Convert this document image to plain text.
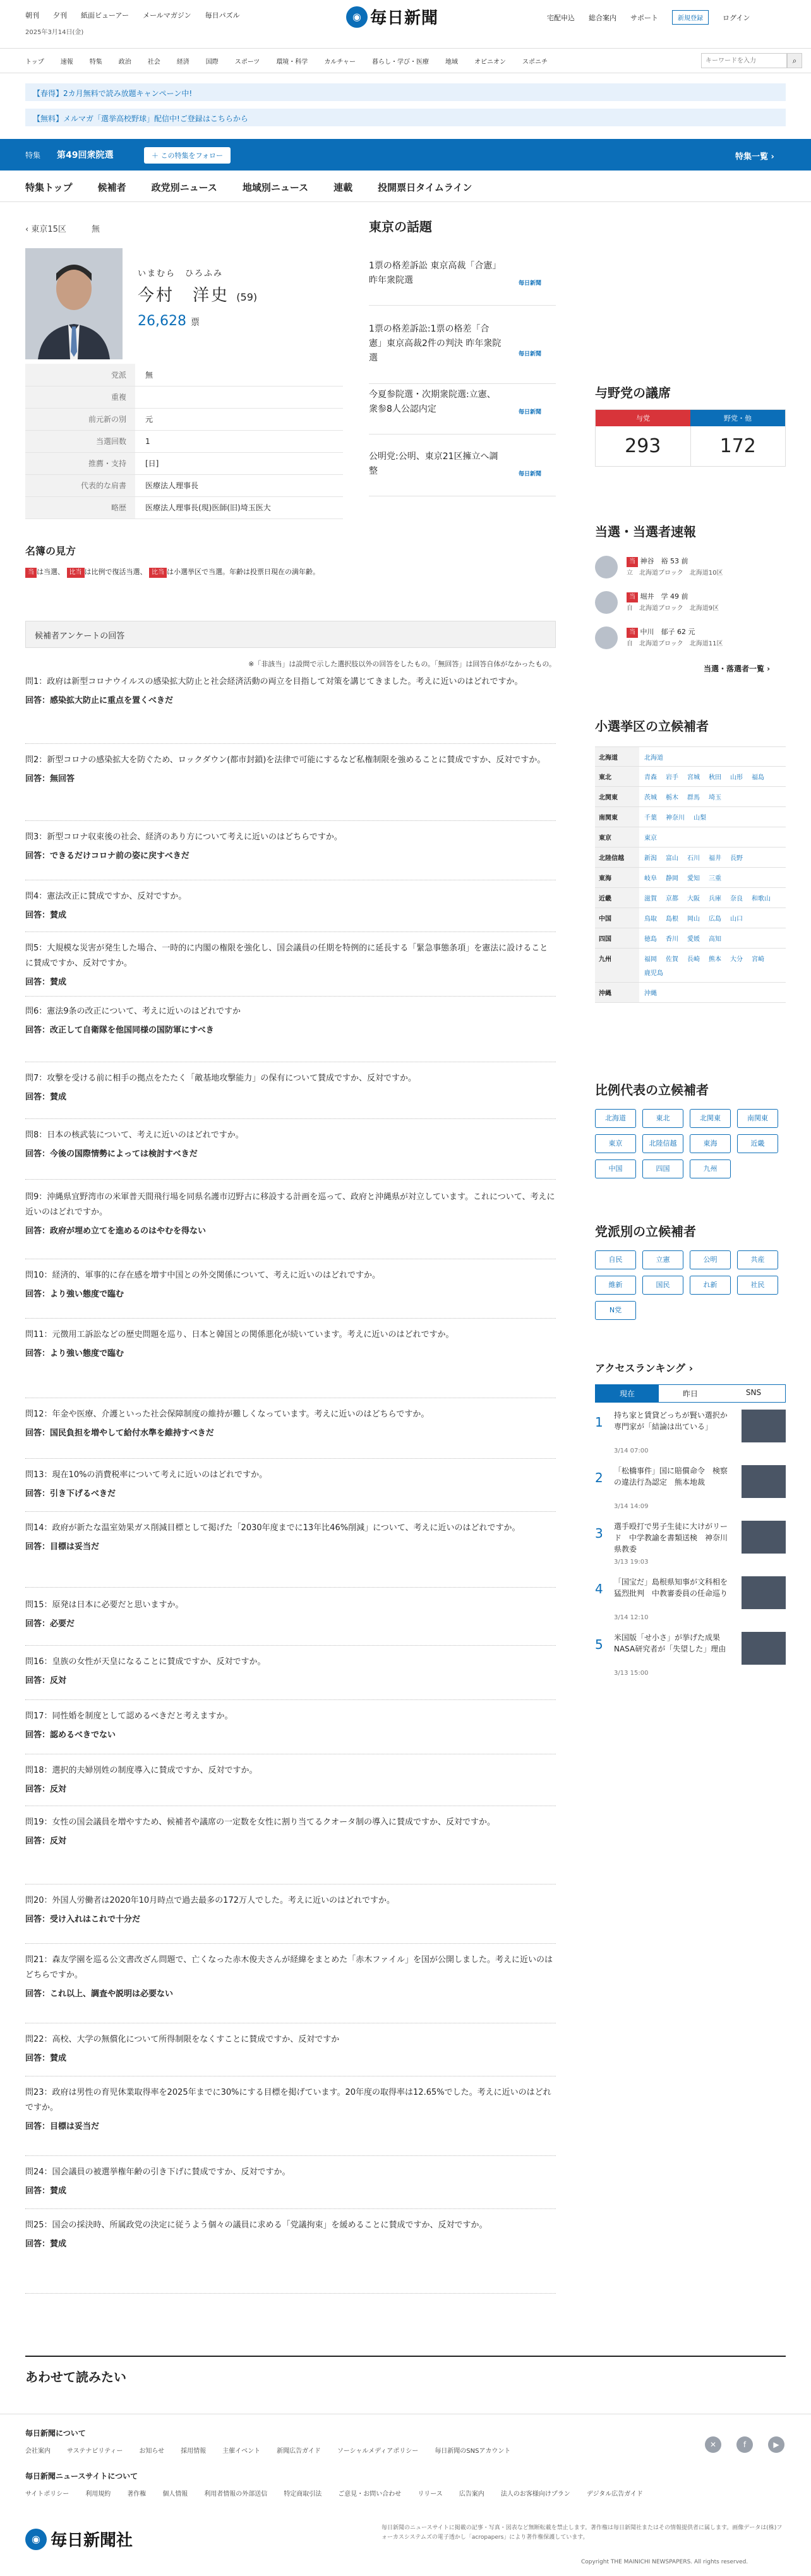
朝刊 夕刊 紙面ビューアー メールマガジン 毎日パズル
2025年3月14日(金)
◉ 毎日新聞	宅配申込 総合案内 サポート	新規登録	ログイン
トップ	速報	特集	政治	社会	経済	国際	スポーツ	環境・科学	カルチャー	暮らし・学び・医療	地域	オピニオン	スポニチ
キーワードを入力	⌕
【春得】2カ月無料で読み放題キャンペーン中!
【無料】メルマガ「選挙高校野球」配信中!ご登録はこちらから
特集 第49回衆院選	＋ この特集をフォロー	特集一覧 ›
特集トップ	候補者	政党別ニュース	地域別ニュース	連載	投開票日タイムライン
‹ 東京15区	無
いまむら　ひろふみ
今村　洋史 (59)
26,628 票
党派	無
重複	
前元新の別	元
当選回数	1
推薦・支持	[日]
代表的な肩書	医療法人理事長
略歴	医療法人理事長(現)医師(旧)埼玉医大
名簿の見方
当 は当選、 比当 は比例で復活当選、 比当 は小選挙区で当選。年齢は投票日現在の満年齢。
候補者アンケートの回答
※「非該当」は設問で示した選択肢以外の回答をしたもの。「無回答」は回答自体がなかったもの。
問1：政府は新型コロナウイルスの感染拡大防止と社会経済活動の両立を目指して対策を講じてきました。考えに近いのはどれですか。
回答：感染拡大防止に重点を置くべきだ
問2：新型コロナの感染拡大を防ぐため、ロックダウン(都市封鎖)を法律で可能にするなど私権制限を強めることに賛成ですか、反対ですか。
回答：無回答
問3：新型コロナ収束後の社会、経済のあり方について考えに近いのはどちらですか。
回答：できるだけコロナ前の姿に戻すべきだ
問4：憲法改正に賛成ですか、反対ですか。
回答：賛成
問5：大規模な災害が発生した場合、一時的に内閣の権限を強化し、国会議員の任期を特例的に延長する「緊急事態条項」を憲法に設けることに賛成ですか、反対ですか。
回答：賛成
問6：憲法9条の改正について、考えに近いのはどれですか
回答：改正して自衛隊を他国同様の国防軍にすべき
問7：攻撃を受ける前に相手の拠点をたたく「敵基地攻撃能力」の保有について賛成ですか、反対ですか。
回答：賛成
問8：日本の核武装について、考えに近いのはどれですか。
回答：今後の国際情勢によっては検討すべきだ
問9：沖縄県宜野湾市の米軍普天間飛行場を同県名護市辺野古に移設する計画を巡って、政府と沖縄県が対立しています。これについて、考えに近いのはどれですか。
回答：政府が埋め立てを進めるのはやむを得ない
問10：経済的、軍事的に存在感を増す中国との外交関係について、考えに近いのはどれですか。
回答：より強い態度で臨む
問11：元徴用工訴訟などの歴史問題を巡り、日本と韓国との関係悪化が続いています。考えに近いのはどれですか。
回答：より強い態度で臨む
問12：年金や医療、介護といった社会保障制度の維持が難しくなっています。考えに近いのはどちらですか。
回答：国民負担を増やして給付水準を維持すべきだ
問13：現在10%の消費税率について考えに近いのはどれですか。
回答：引き下げるべきだ
問14：政府が新たな温室効果ガス削減目標として掲げた「2030年度までに13年比46%削減」について、考えに近いのはどれですか。
回答：目標は妥当だ
問15：原発は日本に必要だと思いますか。
回答：必要だ
問16：皇族の女性が天皇になることに賛成ですか、反対ですか。
回答：反対
問17：同性婚を制度として認めるべきだと考えますか。
回答：認めるべきでない
問18：選択的夫婦別姓の制度導入に賛成ですか、反対ですか。
回答：反対
問19：女性の国会議員を増やすため、候補者や議席の一定数を女性に割り当てるクオータ制の導入に賛成ですか、反対ですか。
回答：反対
問20：外国人労働者は2020年10月時点で過去最多の172万人でした。考えに近いのはどれですか。
回答：受け入れはこれで十分だ
問21：森友学園を巡る公文書改ざん問題で、亡くなった赤木俊夫さんが経緯をまとめた「赤木ファイル」を国が公開しました。考えに近いのはどちらですか。
回答：これ以上、調査や説明は必要ない
問22：高校、大学の無償化について所得制限をなくすことに賛成ですか、反対ですか
回答：賛成
問23：政府は男性の育児休業取得率を2025年までに30%にする目標を掲げています。20年度の取得率は12.65%でした。考えに近いのはどれですか。
回答：目標は妥当だ
問24：国会議員の被選挙権年齢の引き下げに賛成ですか、反対ですか。
回答：賛成
問25：国会の採決時、所属政党の決定に従うよう個々の議員に求める「党議拘束」を緩めることに賛成ですか、反対ですか。
回答：賛成
あわせて読みたい
東京の話題
1票の格差訴訟 東京高裁「合憲」昨年衆院選	毎日新聞
1票の格差訴訟:1票の格差「合憲」東京高裁2件の判決 昨年衆院選	毎日新聞
今夏参院選・次期衆院選:立憲、衆参8人公認内定	毎日新聞
公明党:公明、東京21区擁立へ調整	毎日新聞
与野党の議席
与党	野党・他
293	172
当選・当選者速報
当 神谷　裕 53 前
立　北海道ブロック　北海道10区
当 堀井　学 49 前
自　北海道ブロック　北海道9区
当 中川　郁子 62 元
自　北海道ブロック　北海道11区
当選・落選者一覧 ›
小選挙区の立候補者
北海道	北海道
東北	青森 岩手 宮城 秋田 山形 福島
北関東	茨城 栃木 群馬 埼玉
南関東	千葉 神奈川 山梨
東京	東京
北陸信越	新潟 富山 石川 福井 長野
東海	岐阜 静岡 愛知 三重
近畿	滋賀 京都 大阪 兵庫 奈良 和歌山
中国	鳥取 島根 岡山 広島 山口
四国	徳島 香川 愛媛 高知
九州	福岡 佐賀 長崎 熊本 大分 宮崎
鹿児島
沖縄	沖縄
比例代表の立候補者
北海道	東北	北関東	南関東
東京	北陸信越	東海	近畿
中国	四国	九州
党派別の立候補者
自民	立憲	公明	共産
維新	国民	れ新	社民
N党
アクセスランキング ›
現在	昨日	SNS
1 持ち家と賃貸どっちが賢い選択か　専門家が「結論は出ている」
3/14 07:00
2 「松橋事件」国に賠償命令　検察の違法行為認定　熊本地裁
3/14 14:09
3 選手殴打で男子生徒に大けがリード　中学教諭を書類送検　神奈川県教委
3/13 19:03
4 「国宝だ」島根県知事が文科相を猛烈批判　中教審委員の任命巡り
3/14 12:10
5 米国版「せ小さ」が挙げた成果　NASA研究者が「失望した」理由
3/13 15:00
毎日新聞について
会社案内	サステナビリティー	お知らせ	採用情報	主催イベント	新聞広告ガイド	ソーシャルメディアポリシー	毎日新聞のSNSアカウント
✕	f	▶
毎日新聞ニュースサイトについて
サイトポリシー	利用規約	著作権	個人情報	利用者情報の外部送信	特定商取引法	ご意見・お問い合わせ	リリース	広告案内	法人のお客様向けプラン	デジタル広告ガイド
◉ 毎日新聞社
毎日新聞のニュースサイトに掲載の記事・写真・図表など無断転載を禁止します。著作権は毎日新聞社またはその情報提供者に属します。画像データは(株)フォーカスシステムズの電子透かし「acropapers」により著作権保護しています。
Copyright THE MAINICHI NEWSPAPERS. All rights reserved.
